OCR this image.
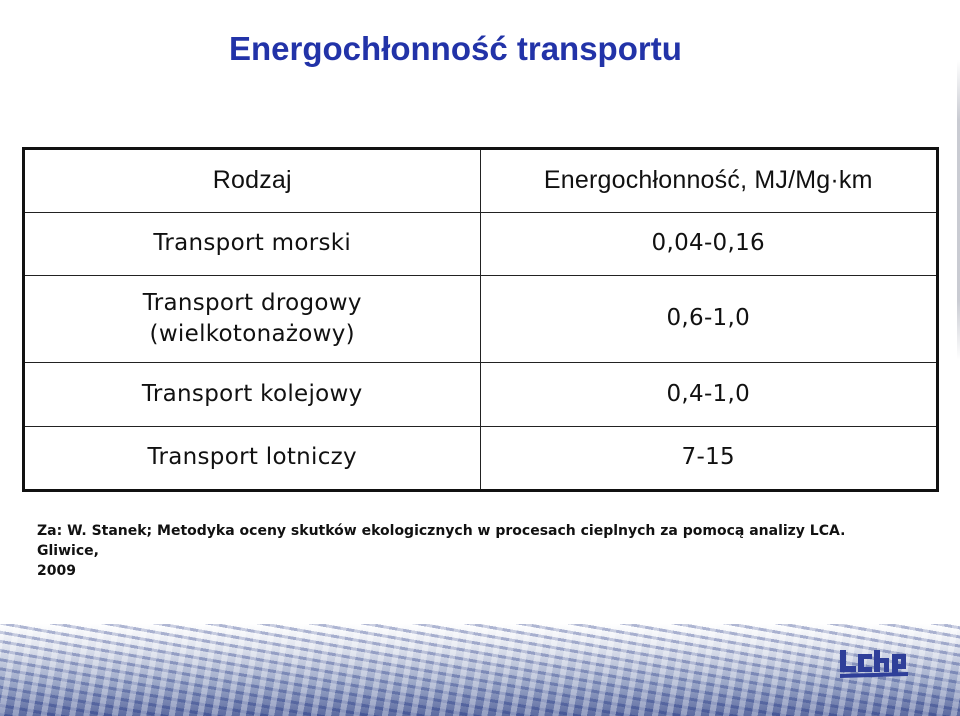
Energochłonność transportu
Rodzaj	Energochłonność, MJ/Mg·km
Transport morski	0,04-0,16

Transport drogowy
(wielkotonażowy)	0,6-1,0
Transport kolejowy	0,4-1,0
Transport lotniczy	7-15

Za: W. Stanek; Metodyka oceny skutków ekologicznych w procesach cieplnych za pomocą analizy LCA. Gliwice,
2009
